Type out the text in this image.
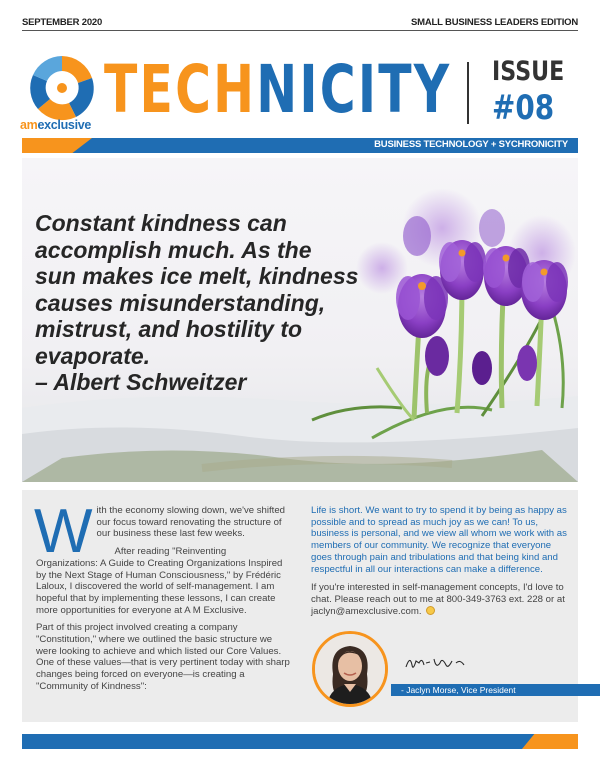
SEPTEMBER 2020	SMALL BUSINESS LEADERS EDITION
amexclusive TECHNICITY ISSUE
#08
BUSINESS TECHNOLOGY + SYCHRONICITY
Constant kindness can
accomplish much. As the
sun makes ice melt, kindness
causes misunderstanding,
mistrust, and hostility to
evaporate.

– Albert Schweitzer

With the economy slowing down, we've shifted our focus toward renovating the structure of our business these last few weeks.

After reading "Reinventing Organizations: A Guide to Creating Organizations Inspired by the Next Stage of Human Consciousness," by Frédéric Laloux, I discovered the world of self-management. I am hopeful that by implementing these lessons, I can create more opportunities for everyone at A M Exclusive.

Part of this project involved creating a company "Constitution," where we outlined the basic structure we were looking to achieve and which listed our Core Values. One of these values—that is very pertinent today with sharp changes being forced on everyone—is creating a "Community of Kindness":

Life is short. We want to try to spend it by being as happy as possible and to spread as much joy as we can! To us, business is personal, and we view all whom we work with as members of our community. We recognize that everyone goes through pain and tribulations and that being kind and respectful in all our interactions can make a difference.

If you're interested in self-management concepts, I'd love to chat. Please reach out to me at 800-349-3763 ext. 228 or at jaclyn@amexclusive.com.

- Jaclyn Morse, Vice President
